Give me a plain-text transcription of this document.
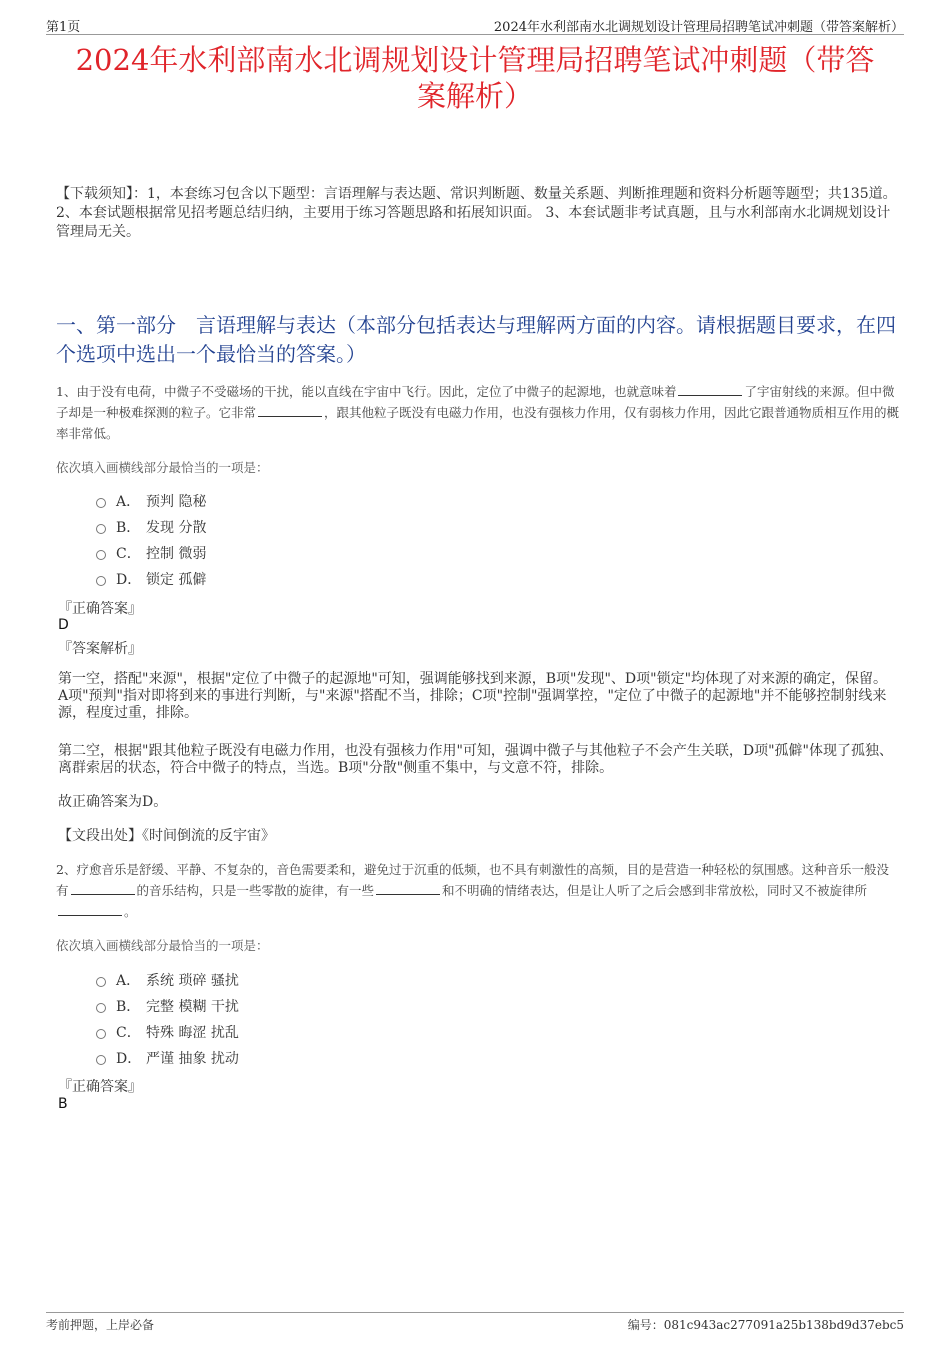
第1页	2024年水利部南水北调规划设计管理局招聘笔试冲刺题（带答案解析）
2024年水利部南水北调规划设计管理局招聘笔试冲刺题（带答
案解析）
【下载须知】：1，本套练习包含以下题型：言语理解与表达题、常识判断题、数量关系题、判断推理题和资料分析题等题型；共135道。 2、本套试题根据常见招考题总结归纳，主要用于练习答题思路和拓展知识面。 3、本套试题非考试真题，且与水利部南水北调规划设计管理局无关。
一、第一部分　言语理解与表达（本部分包括表达与理解两方面的内容。请根据题目要求，在四个选项中选出一个最恰当的答案。）
1、由于没有电荷，中微子不受磁场的干扰，能以直线在宇宙中飞行。因此，定位了中微子的起源地，也就意味着	了宇宙射线的来源。但中微子却是一种极难探测的粒子。它非常	，跟其他粒子既没有电磁力作用，也没有强核力作用，仅有弱核力作用，因此它跟普通物质相互作用的概率非常低。
依次填入画横线部分最恰当的一项是：
A． 预判 隐秘
B． 发现 分散
C． 控制 微弱
D． 锁定 孤僻
『正确答案』
D
『答案解析』
第一空，搭配"来源"，根据"定位了中微子的起源地"可知，强调能够找到来源，B项"发现"、D项"锁定"均体现了对来源的确定，保留。A项"预判"指对即将到来的事进行判断，与"来源"搭配不当，排除；C项"控制"强调掌控，"定位了中微子的起源地"并不能够控制射线来源，程度过重，排除。
第二空，根据"跟其他粒子既没有电磁力作用，也没有强核力作用"可知，强调中微子与其他粒子不会产生关联，D项"孤僻"体现了孤独、离群索居的状态，符合中微子的特点，当选。B项"分散"侧重不集中，与文意不符，排除。
故正确答案为D。
【文段出处】《时间倒流的反宇宙》
2、疗愈音乐是舒缓、平静、不复杂的，音色需要柔和，避免过于沉重的低频，也不具有刺激性的高频，目的是营造一种轻松的氛围感。这种音乐一般没有	的音乐结构，只是一些零散的旋律，有一些	和不明确的情绪表达，但是让人听了之后会感到非常放松，同时又不被旋律所。
依次填入画横线部分最恰当的一项是：
A． 系统 琐碎 骚扰
B． 完整 模糊 干扰
C． 特殊 晦涩 扰乱
D． 严谨 抽象 扰动
『正确答案』
B
考前押题，上岸必备	编号：081c943ac277091a25b138bd9d37ebc5
